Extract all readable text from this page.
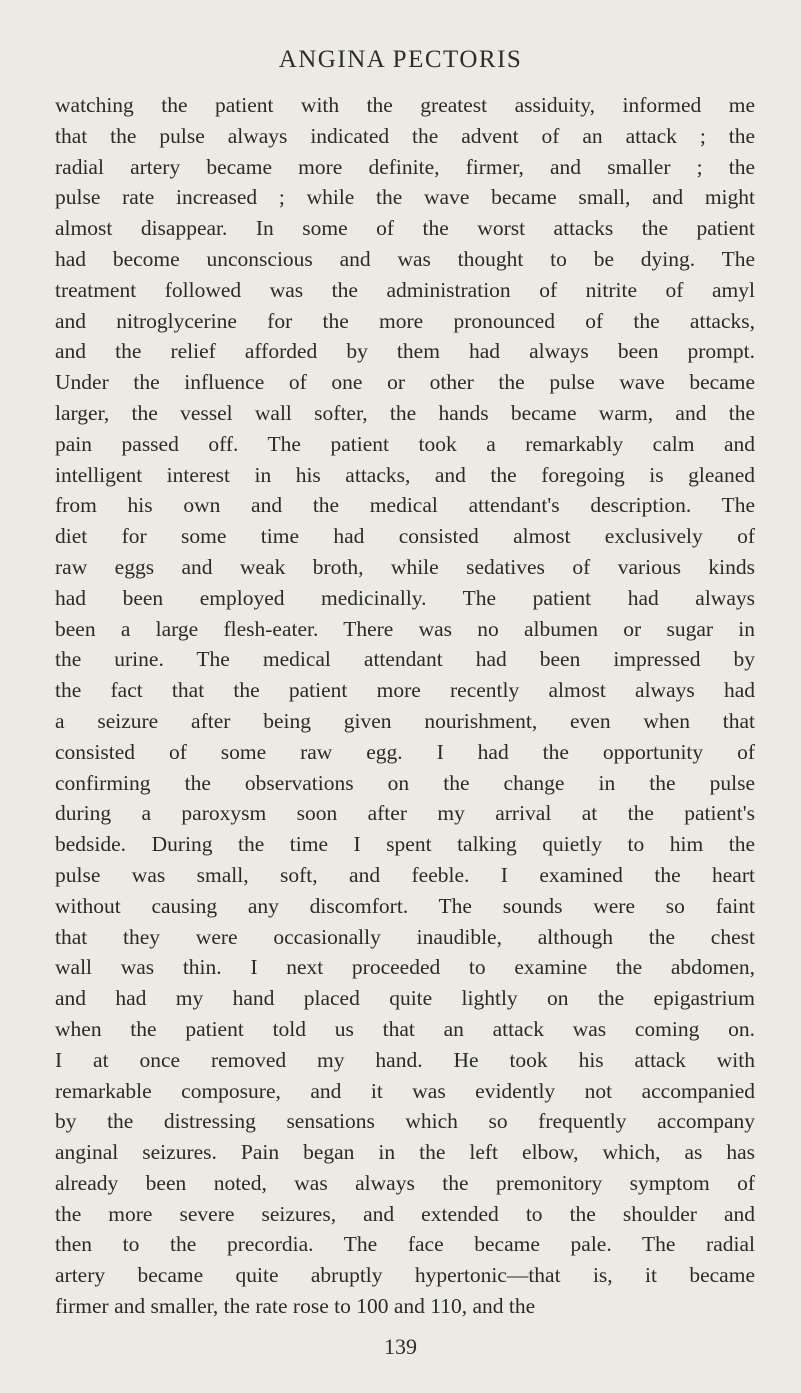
ANGINA PECTORIS
watching the patient with the greatest assiduity, informed me
that the pulse always indicated the advent of an attack ; the
radial artery became more definite, firmer, and smaller ; the
pulse rate increased ; while the wave became small, and might
almost disappear. In some of the worst attacks the patient
had become unconscious and was thought to be dying. The
treatment followed was the administration of nitrite of amyl
and nitroglycerine for the more pronounced of the attacks,
and the relief afforded by them had always been prompt.
Under the influence of one or other the pulse wave became
larger, the vessel wall softer, the hands became warm, and the
pain passed off. The patient took a remarkably calm and
intelligent interest in his attacks, and the foregoing is gleaned
from his own and the medical attendant's description. The
diet for some time had consisted almost exclusively of
raw eggs and weak broth, while sedatives of various kinds
had been employed medicinally. The patient had always
been a large flesh-eater. There was no albumen or sugar in
the urine. The medical attendant had been impressed by
the fact that the patient more recently almost always had
a seizure after being given nourishment, even when that
consisted of some raw egg. I had the opportunity of
confirming the observations on the change in the pulse
during a paroxysm soon after my arrival at the patient's
bedside. During the time I spent talking quietly to him the
pulse was small, soft, and feeble. I examined the heart
without causing any discomfort. The sounds were so faint
that they were occasionally inaudible, although the chest
wall was thin. I next proceeded to examine the abdomen,
and had my hand placed quite lightly on the epigastrium
when the patient told us that an attack was coming on.
I at once removed my hand. He took his attack with
remarkable composure, and it was evidently not accompanied
by the distressing sensations which so frequently accompany
anginal seizures. Pain began in the left elbow, which, as has
already been noted, was always the premonitory symptom of
the more severe seizures, and extended to the shoulder and
then to the precordia. The face became pale. The radial
artery became quite abruptly hypertonic—that is, it became
firmer and smaller, the rate rose to 100 and 110, and the
139
